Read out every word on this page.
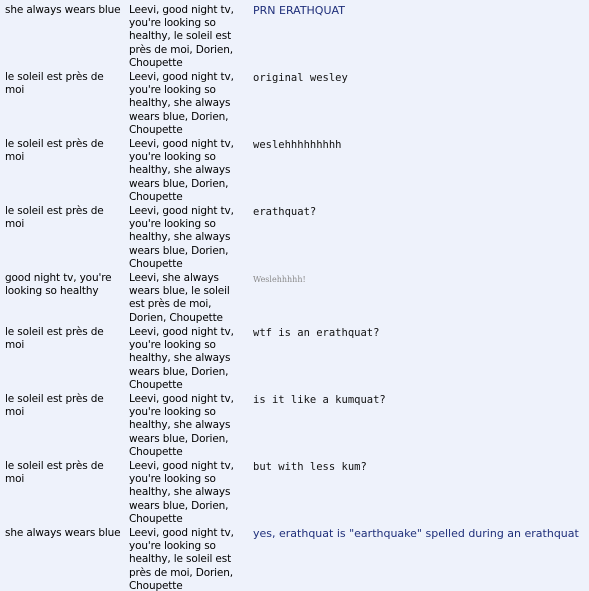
she always wears blue Leevi, good night tv, you're looking so healthy, le soleil est près de moi, Dorien, Choupette
PRN ERATHQUAT
le soleil est près de moi
Leevi, good night tv, you're looking so healthy, she always wears blue, Dorien, Choupette
original wesley
le soleil est près de moi
Leevi, good night tv, you're looking so healthy, she always wears blue, Dorien, Choupette
weslehhhhhhhhh
le soleil est près de moi
Leevi, good night tv, you're looking so healthy, she always wears blue, Dorien, Choupette
erathquat?
good night tv, you're looking so healthy
Leevi, she always wears blue, le soleil est près de moi, Dorien, Choupette
Weslehhhhh!
le soleil est près de moi
Leevi, good night tv, you're looking so healthy, she always wears blue, Dorien, Choupette
wtf is an erathquat?
le soleil est près de moi
Leevi, good night tv, you're looking so healthy, she always wears blue, Dorien, Choupette
is it like a kumquat?
le soleil est près de moi
Leevi, good night tv, you're looking so healthy, she always wears blue, Dorien, Choupette
but with less kum?
she always wears blue Leevi, good night tv, you're looking so healthy, le soleil est près de moi, Dorien, Choupette
yes, erathquat is "earthquake" spelled during an erathquat
